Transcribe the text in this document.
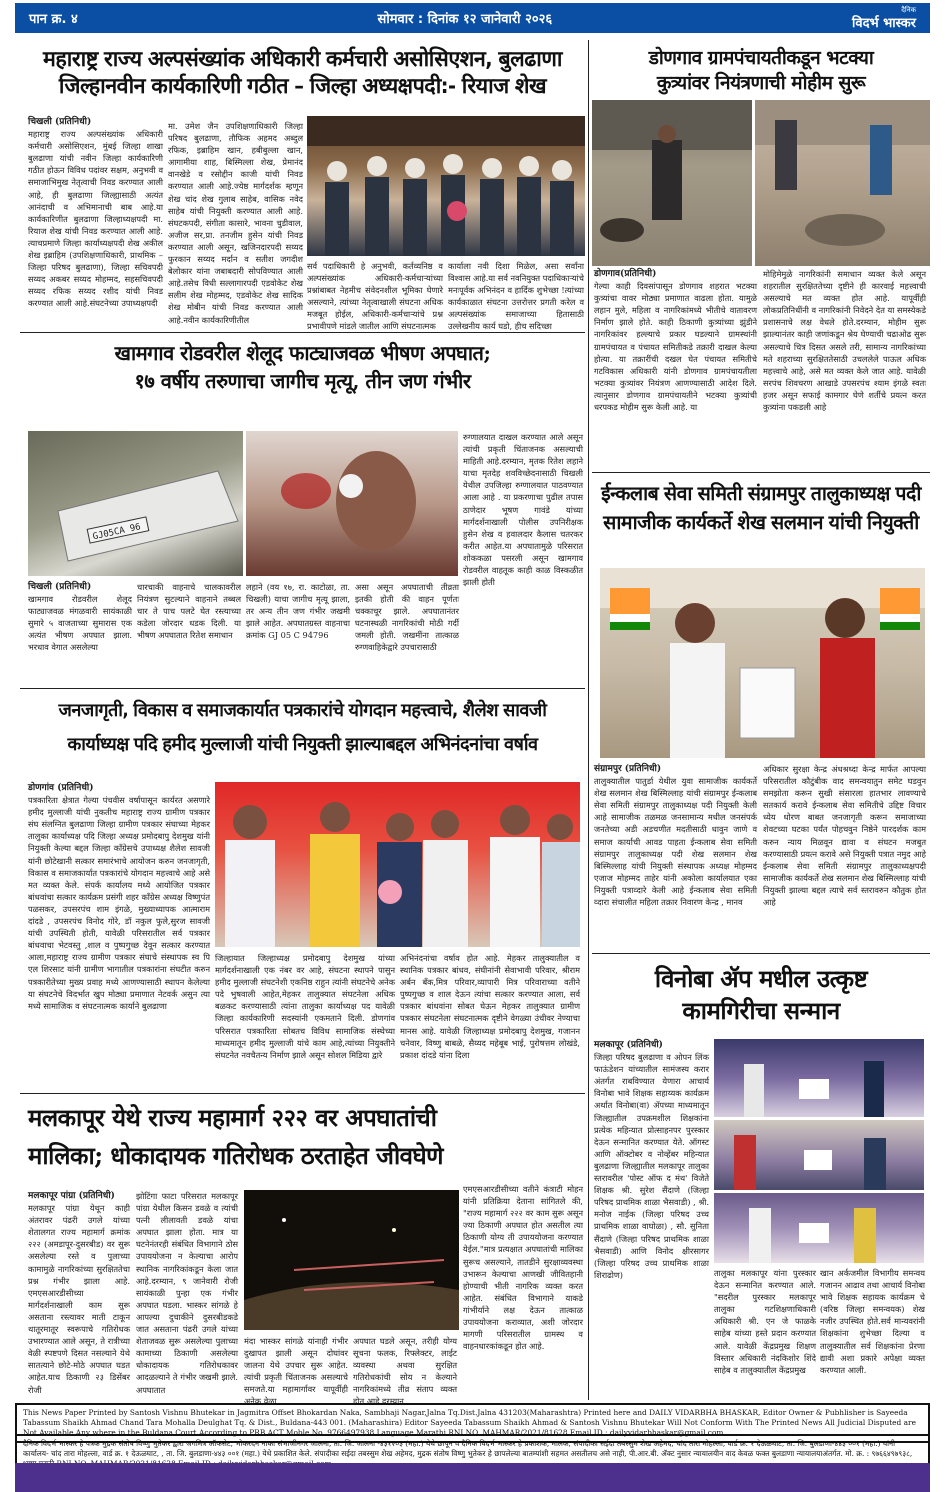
पान क्र. ४	सोमवार : दिनांक १२ जानेवारी २०२६
दैनिक
विदर्भ भास्कर
महाराष्ट्र राज्य अल्पसंख्यांक अधिकारी कर्मचारी असोसिएशन, बुलढाणा
जिल्हानवीन कार्यकारिणी गठीत – जिल्हा अध्यक्षपदी:- रियाज शेख
चिखली (प्रतिनिधी)
महाराष्ट्र राज्य अल्पसंख्यांक अधिकारी कर्मचारी असोसिएशन, मुंबई जिल्हा शाखा बुलढाणा यांची नवीन जिल्हा कार्यकारिणी गठीत होऊन विविध पदांवर सक्षम, अनुभवी व समाजाभिमुख नेतृत्वाची निवड करण्यात आली आहे, ही बुलढाणा जिल्ह्यासाठी अत्यंत आनंदाची व अभिमानाची बाब आहे.या कार्यकारिणीत बुलढाणा जिल्हाध्यक्षपदी मा. रियाज शेख यांची निवड करण्यात आली आहे. त्याचप्रमाणे जिल्हा कार्याध्यक्षपदी शेख अकील शेख इब्राहिम (उपशिक्षणाधिकारी, प्राथमिक – जिल्हा परिषद बुलढाणा), जिल्हा सचिवपदी सय्यद अकबर सय्यद मोहम्मद, सहसचिवपदी सय्यद रफिक सय्यद रशीद यांची निवड करण्यात आली आहे.संघटनेच्या उपाध्यक्षपदी
मा. उमेश जैन उपशिक्षणाधिकारी जिल्हा परिषद बुलढाणा, तौफिक अहमद अब्दुल रफिक, इब्राहिम खान, हबीबुल्ला खान, आगामीया शाह, बिस्मिल्ला शेख, प्रेमानंद वानखेडे व रसोद्दीन काजी यांची निवड करण्यात आली आहे.ज्येष्ठ मार्गदर्शक म्हणून शेख चांद शेख गुलाब साहेब, वासिक नवेद साहेब यांची नियुक्ती करण्यात आली आहे. संघटकपदी, संगीता कासारे, भावना चुडीवाल, अजीज सर,प्रा. तनजीम हुसेन यांची निवड करण्यात आली असून, खजिनदारपदी सय्यद फुरकान सय्यद मर्दान व सतीश जगदीश बेलोकार यांना जबाबदारी सोपविण्यात आली आहे.तसेच विधी सल्लागारपदी एडवोकेट शेख सलीम शेख मोहम्मद, एडवोकेट शेख सादिक शेख मोबीन यांची निवड करण्यात आली आहे.नवीन कार्यकारिणीतील
सर्व पदाधिकारी हे अनुभवी, कर्तव्यनिष्ठ व अल्पसंख्यांक अधिकारी-कर्मचाऱ्यांच्या प्रश्नांबाबत नेहमीच संवेदनशील भूमिका घेणारे असल्याने, त्यांच्या नेतृत्वाखाली संघटना अधिक मजबूत होईल, अधिकारी-कर्मचाऱ्यांचे प्रश्न प्रभावीपणे मांडले जातील आणि संघटनात्मक
कार्याला नवी दिशा मिळेल, असा सर्वांना विश्वास आहे.या सर्व नवनियुक्त पदाधिकाऱ्यांचे मनःपूर्वक अभिनंदन व हार्दिक शुभेच्छा !त्यांच्या कार्यकाळात संघटना उत्तरोत्तर प्रगती करेल व अल्पसंख्यांक समाजाच्या हितासाठी उल्लेखनीय कार्य घडो, हीच सदिच्छा
डोणगाव ग्रामपंचायतीकडून भटक्या
कुत्र्यांवर नियंत्रणाची मोहीम सुरू
डोणगाव(प्रतिनिधी)
गेल्या काही दिवसांपासून डोणगाव शहरात भटक्या कुत्र्यांचा वावर मोठ्या प्रमाणात वाढला होता. यामुळे लहान मुले, महिला व नागरिकांमध्ये भीतीचे वातावरण निर्माण झाले होते. काही ठिकाणी कुत्र्यांच्या झुंडीने नागरिकांवर हल्ल्याचे प्रकार घडल्याने ग्रामस्थांनी ग्रामपंचायत व पंचायत समितीकडे तक्रारी दाखल केल्या होत्या. या तक्रारींची दखल घेत पंचायत समितीचे गटविकास अधिकारी यांनी डोणगाव ग्रामपंचायतीला भटक्या कुत्र्यांवर नियंत्रण आणण्यासाठी आदेश दिले. त्यानुसार डोणगाव ग्रामपंचायतीने भटक्या कुत्र्यांची धरपकड मोहीम सुरू केली आहे. या
मोहिमेमुळे नागरिकांनी समाधान व्यक्त केले असून शहरातील सुरक्षिततेच्या दृष्टीने ही कारवाई महत्त्वाची असल्याचे मत व्यक्त होत आहे. यापूर्वीही लोकप्रतिनिधींनी व नागरिकांनी निवेदने देत या समस्येकडे प्रशासनाचे लक्ष वेधले होते.दरम्यान, मोहीम सुरू झाल्यानंतर काही जणांकडून श्रेय घेण्याची चढाओढ सुरू असल्याचे चित्र दिसत असले तरी, सामान्य नागरिकांच्या मते शहराच्या सुरक्षिततेसाठी उचललेले पाऊल अधिक महत्त्वाचे आहे, असे मत व्यक्त केले जात आहे. यावेळी सरपंच शिवचरण आखाडे उपसरपंच श्याम इंगळे स्वतः हजर असून सफाई कामगार घेणे शर्तीचे प्रयत्न करत कुत्र्यांना पकडली आहे
खामगाव रोडवरील शेलूद फाट्याजवळ भीषण अपघात;
१७ वर्षीय तरुणाचा जागीच मृत्यू, तीन जण गंभीर
GJ05CA 96
चिखली (प्रतिनिधी)
खामगाव रोडवरील शेलूद फाट्याजवळ मंगळवारी सायंकाळी सुमारे ५ वाजताच्या सुमारास एक अत्यंत भीषण अपघात झाला. भरधाव वेगात असलेल्या
चारचाकी वाहनाचे चालकावरील नियंत्रण सुटल्याने वाहनाने तब्बल चार ते पाच पलटे घेत रस्त्याच्या कडेला जोरदार धडक दिली. या भीषण अपघातात रितेश समाधान
लहाने (वय १७, रा. काटोळा, ता. चिखली) याचा जागीच मृत्यू झाला, तर अन्य तीन जण गंभीर जखमी झाले आहेत. अपघातग्रस्त वाहनाचा क्रमांक GJ 05 C 94796
असा असून अपघाताची तीव्रता इतकी होती की वाहन पूर्णतः चक्काचूर झाले. अपघातानंतर घटनास्थळी नागरिकांची मोठी गर्दी जमली होती. जखमींना तात्काळ रुग्णवाहिकेद्वारे उपचारासाठी
रुग्णालयात दाखल करण्यात आले असून त्यांची प्रकृती चिंताजनक असल्याची माहिती आहे.दरम्यान, मृतक रितेश लहाने याचा मृतदेह शवविच्छेदनासाठी चिखली येथील उपजिल्हा रुग्णालयात पाठवण्यात आला आहे . या प्रकरणाचा पुढील तपास ठाणेदार भूषण गावंडे यांच्या मार्गदर्शनाखाली पोलीस उपनिरीक्षक हुसेन शेख व हवालदार कैलास चतरकर करीत आहेत.या अपघातामुळे परिसरात शोककळा पसरली असून खामगाव रोडवरील वाहतूक काही काळ विस्कळीत झाली होती
ईन्कलाब सेवा समिती संग्रामपुर तालुकाध्यक्ष पदी
सामाजीक कार्यकर्ते शेख सलमान यांची नियुक्ती
संग्रामपुर (प्रतिनिधी)
तालुक्यातील पातुर्डा येथील युवा सामाजीक कार्यकर्ते शेख सलमान शेख बिस्मिल्लाह यांची संग्रामपुर ईन्कलाब सेवा समिती संग्रामपुर तालुकाध्यक्ष पदी नियुक्ती केली आहे सामाजीक तळमळ जनसामान्य मधील जनसंपर्क जनतेच्या अडी अडचणीत मदतीसाठी धावुन जाणे व समाज कार्याची आवड पाहता ईन्कलाब सेवा समिती संग्रामपुर तालुकाध्यक्ष पदी शेख सलमान शेख बिस्मिल्लाह यांची नियुक्ती संस्थापक अध्यक्ष मोहम्मद एजाज मोहम्मद ताहेर यांनी अकोला कार्यालयात एका नियुक्ती पत्राव्दारे केली आहे ईन्कलाब सेवा समिती व्दारा संचालीत महिला तक्रार निवारण केन्द्र , मानव
अधिकार सुरक्षा केन्द्र अंधश्रध्दा केन्द्र मार्फत आपल्या परिसरातील कौटुंबीक वाद समन्वयातुन समेट घडवुन समझोता करून सुखी संसारला हातभार लावण्याचे सतकार्य करावे ईन्कलाब सेवा समितीचे उद्दिष्ट विचार ध्येय धोरण बाबत जनजागृती करून समाजाच्या शेवटच्या घटका पर्यंत पोहचवुन निष्ठेने पारदर्शक काम करुन न्याय मिळवून द्यावा व संघटन मजबुत करण्यासाठी प्रयत्न करावे असे नियुक्ती पत्रात नमुद आहे ईन्कलाब सेवा समिती संग्रामपुर तालुकाध्यक्षपदी सामाजीक कार्यकर्ते शेख सलमान शेख बिस्मिल्लाह यांची नियुक्ती झाल्या बद्दल त्याचे सर्व स्तरावरुन कौतुक होत आहे
जनजागृती, विकास व समाजकार्यात पत्रकारांचे योगदान महत्त्वाचे, शैलेश सावजी
कार्याध्यक्ष पदि हमीद मुल्लाजी यांची नियुक्ती झाल्याबद्दल अभिनंदनांचा वर्षाव
डोणगांव (प्रतिनिधी)
पत्रकारिता क्षेत्रात गेल्या पंचवीस वर्षापासून कार्यरत असणारे हमीद मुल्लाजी यांची नुकतीच महाराष्ट्र राज्य ग्रामीण पत्रकार संघ संलग्नित बुलढाणा जिल्हा ग्रामीण पत्रकार संघाच्या मेहकर तालुका कार्याध्यक्ष पदि जिल्हा अध्यक्ष प्रमोदबापु देशमुख यांनी नियुक्ती केल्या बद्दल जिल्हा काँग्रेसचे उपाध्यक्ष शैलेश सावजी यांनी छोटेखानी सत्कार समारंभाचे आयोजन करुन जनजागृती, विकास व समाजकार्यात पत्रकारांचे योगदान महत्त्वाचे आहे असे मत व्यक्त केले. संपर्क कार्यालय मध्ये आयोजित पत्रकार बांधवांचा सत्कार कार्यक्रम प्रसंगी शहर काँग्रेस अध्यक्ष विष्णुपंत पळसकर, उपसरपंच शाम इंगळे, मुख्याध्यापक आत्माराम दांदडे , उपसरपंच विनोद गोरे, डॉ नकुल फुले,सुरज सावजी यांची उपस्थिती होती, यावेळी परिसरातील सर्व पत्रकार बांधवाचा भेटवस्तु ,शाल व पुष्पगुच्छ देवून सत्कार करण्यात आला,महाराष्ट्र राज्य ग्रामीण पत्रकार संघाचे संस्थापक स्व पि एल शिरसाट यांनी ग्रामीण भागातील पत्रकारांना संघटीत करुन पत्रकारीतेच्या मुख्य प्रवाह मध्ये आणण्यासाठी स्थापन केलेल्या या संघटनेचे विदर्भात खुप मोठ्या प्रमाणात नेटवर्क असुन त्या मध्ये सामाजिक व संघटनात्मक कार्याने बुलढाणा
जिल्हायात जिल्हाध्यक्ष प्रमोदबापु देशमुख यांच्या मार्गदर्शनाखाली एक नंबर वर आहे, संघटना स्थापने पासुन हमीद मुल्लाजी संघटनेशी एकनिष्ठ राहुन त्यांनी संघटनेचे अनेक पदे भुषवाली आहेत,मेहकर तालुक्यात संघटनेला अधिक बळकट करण्यासाठी त्यांना तालुका कार्याध्यक्ष पद यावेळी जिल्हा कार्यकारिणी सदस्यांनी एकमताने दिली. डोणगांव परिसरात पत्रकारिता सोबतच विविध सामाजिक संस्थेच्या माध्यमातून हमीद मुल्लाजी यांचे काम आहे,त्यांच्या नियुक्तीने संघटनेत नवचैतन्य निर्माण झाले असून सोशल मिडिया द्वारे
अभिनंदनांचा वर्षाव होत आहे. मेहकर तालुक्यातील व स्थानिक पत्रकार बांधव, संघीनांनी सेवाभावी परिवार, श्रीराम अर्बन बँक,मित्र परिवार,व्यापारी मित्र परिवाराच्या वतीने पुष्पगुच्छ व शाल देऊन त्यांचा सत्कार करण्यात आला, सर्व पत्रकार बांधवांना सोबत घेऊन मेहकर तालुक्यात ग्रामीण पत्रकार संघटनेला संघटनात्मक दृष्टीने वेगळ्या उंचीवर नेण्याचा मानस आहे. यावेळी जिल्हाध्यक्ष प्रमोदबापु देशमुख, गजानन चनेवार, विष्णु बाबळे, सैय्यद महेबूब भाई, पुरोषत्तम लोखंडे, प्रकाश दांदडे यांना दिला
विनोबा ॲप मधील उत्कृष्ट
कामगिरीचा सन्मान
मलकापूर (प्रतिनिधी)
जिल्हा परिषद बुलढाणा व ओपन लिंक फाऊंडेशन यांच्यातील सामंजस्य करार अंतर्गत राबविण्यात येणारा आचार्य विनोबा भावे शिक्षक सहाय्यक कार्यक्रम अर्थात विनोबा(वा) ॲपच्या माध्यमातून जिल्ह्यातील उपक्रमशील शिक्षकांना प्रत्येक महिन्यात प्रोत्साहनपर पुरस्कार देऊन सन्मानित करण्यात येते. ऑगस्ट आणि ऑक्टोबर व नोव्हेंबर महिन्यात बुलढाणा जिल्ह्यातील मलकापूर तालुका स्तरावरील 'पोस्ट ऑफ द मंथ' विजेते शिक्षक श्री. सुरेश सैंदाणे (जिल्हा परिषद प्राथमिक शाळा भैसवाडी) , श्री. मनोज नाईक (जिल्हा परिषद उच्च प्राथमिक शाळा वाघोळा) , सौ. सुनिता सैंदाणे (जिल्हा परिषद प्राथमिक शाळा भैसवाडी) आणि विनोद क्षीरसागर (जिल्हा परिषद उच्च प्राथमिक शाळा शिराढोण)	तालुका मलकापूर यांना पुरस्कार देऊन सन्मानित करण्यात आले. "सदरील पुरस्कार मलकापूर तालुका गटशिक्षणाधिकारी अधिकारी श्री. एन जे फाळके साहेब यांच्या हस्ते प्रदान करण्यात आले. यावेळी केंद्रप्रमुख शिक्षण विस्तार अधिकारी नंदकिशोर शिंदे साहेब व तालुक्यातील केंद्रप्रमुख
खान अर्कजमील विभागीय समन्वय गजानन आढाव तथा आचार्य विनोबा भावे शिक्षक सहायक कार्यक्रम चे (वरिष्ठ जिल्हा समन्वयक) शेख नजीर उपस्थित होते.सर्व मान्यवरांनी शिक्षकांना शुभेच्छा दिल्या व तालुक्यातील सर्व शिक्षकांना प्रेरणा द्यावी अशा प्रकारे अपेक्षा व्यक्त करण्यात आली.
मलकापूर येथे राज्य महामार्ग २२२ वर अपघातांची
मालिका; धोकादायक गतिरोधक ठरताहेत जीवघेणे
मलकापूर पांग्रा (प्रतिनिधी)
मलकापूर पांग्रा येथून काही अंतरावर पंढरी उगले यांच्या शेतालगत राज्य महामार्ग क्रमांक २२२ (अमडापूर-दुसरबीड) वर सुरू असलेल्या रस्ते व पुलाच्या कामामुळे नागरिकांच्या सुरक्षिततेचा प्रश्न गंभीर झाला आहे. एमएसआरडीसीच्या मार्गदर्शनाखाली काम सुरू असताना रस्त्यावर माती टाकून थातूरमातूर स्वरूपाचे गतिरोधक उभारण्यात आले असून, ते रात्रीच्या वेळी स्पष्टपणे दिसत नसल्याने येथे सातत्याने छोटे-मोठे अपघात घडत आहेत.याच ठिकाणी २३ डिसेंबर रोजी
झोटिंगा फाटा परिसरात मलकापूर पांग्रा येथील किसन डवळे व त्यांची पत्नी लीलावती डवळे यांचा अपघात झाला होता. मात्र या घटनेनंतरही संबंधित विभागाने ठोस उपाययोजना न केल्याचा आरोप स्थानिक नागरिकांकडून केला जात आहे.दरम्यान, ९ जानेवारी रोजी सायंकाळी पुन्हा एक गंभीर अपघात घडला. भास्कर सांगळे हे आपल्या दुचाकीने दुसरबीडकडे जात असताना पंढरी उगले यांच्या शेताजवळ सुरू असलेल्या पुलाच्या कामाच्या ठिकाणी असलेल्या धोकादायक गतिरोधकावर आदळल्याने ते गंभीर जखमी झाले. अपघातात
मंदा भास्कर सांगळे यांनाही गंभीर दुखापत झाली असून दोघांवर जालना येथे उपचार सुरू आहेत. त्यांची प्रकृती चिंताजनक असल्याचे समजते.या महामार्गावर यापूर्वीही अनेक वेळा
अपघात घडले असून, तरीही योग्य सूचना फलक, रिफ्लेक्टर, लाईट व्यवस्था अथवा सुरक्षित गतिरोधकांची सोय न केल्याने नागरिकांमध्ये तीव्र संताप व्यक्त होत आहे.दरम्यान,
एमएसआरडीसीच्या वतीने कंत्राटी मोहन यांनी प्रतिक्रिया देताना सांगितले की, "राज्य महामार्ग २२२ वर काम सुरू असून ज्या ठिकाणी अपघात होत असतील त्या ठिकाणी योग्य ती उपाययोजना करण्यात येईल."मात्र प्रत्यक्षात अपघातांची मालिका सुरूच असल्याने, तातडीने सुरक्षाव्यवस्था उभारून केल्याचा आणखी जीवितहानी होण्याची भीती नागरिक व्यक्त करत आहेत. संबंधित विभागाने याकडे गांभीर्याने लक्ष देऊन तात्काळ उपाययोजना कराव्यात, अशी जोरदार मागणी परिसरातील ग्रामस्थ व वाहनधारकांकडून होत आहे.
This News Paper Printed by Santosh Vishnu Bhutekar in Jagmitra Offset Bhokardan Naka, Sambhaji Nagar,Jalna Tq.Dist.Jalna 431203(Maharashtra) Printed here and DAILY VIDARBHA BHASKAR, Editor Owner & Pubhlisher is Sayeeda Tabassum Shaikh Ahmad Chand Tara Mohalla Deulghat Tq. & Dist., Buldana-443 001. (Maharashira) Editor Sayeeda Tabassum Shaikh Ahmad & Santosh Vishnu Bhutekar Will Not Conform With The Printed News All Judicial Disputed are Not Available Any where in the Buldana Court According to PRB ACT Moble No. 9766497938 Language Marathi RNI NO. MAHMAR/2021/81628 Email ID : dailyvidarbhaskar@gmail.com.
दैनिक विदर्भ भास्कर हे पत्रक मुद्रक संतोष विष्णु भुतेकर द्वारा जगमित्र ऑफसेट, भोकरदन नाका संभाजीनगर जालना, ता. जि. जालना -४३१२०३ (महा.) येथे छापून व दैनिक विदर्भ भास्कर हे प्रकाशक, मालक, संपादीका सईदा तबस्सुम शेख अहेमद, चांद तारा मोहल्ला, वार्ड क्र. १ देऊळघाट, ता. जि. बुलडाणा-४४३ ००१ (महा.) यांनी कार्यालय- चांद तारा मोहल्ला, वार्ड क्र. १ देऊळघाट, , ता. जि. बुलडाणा-४४३ ००१ (महा.) येथे प्रकाशित केले. संपादीका सईदा तबस्सुम शेख अहेमद, मुद्रक संतोष विष्णु भुतेकर हे छापलेल्या बातम्यांशी सहमत असतीलच असे नाही, पी.आर.बी. ॲक्ट नुसार न्यायालयीन वाद केवळ फक्त बुलडाणा न्यायालयाअंतर्गत. मो. क्र. : ९७६६४९७९३८,
